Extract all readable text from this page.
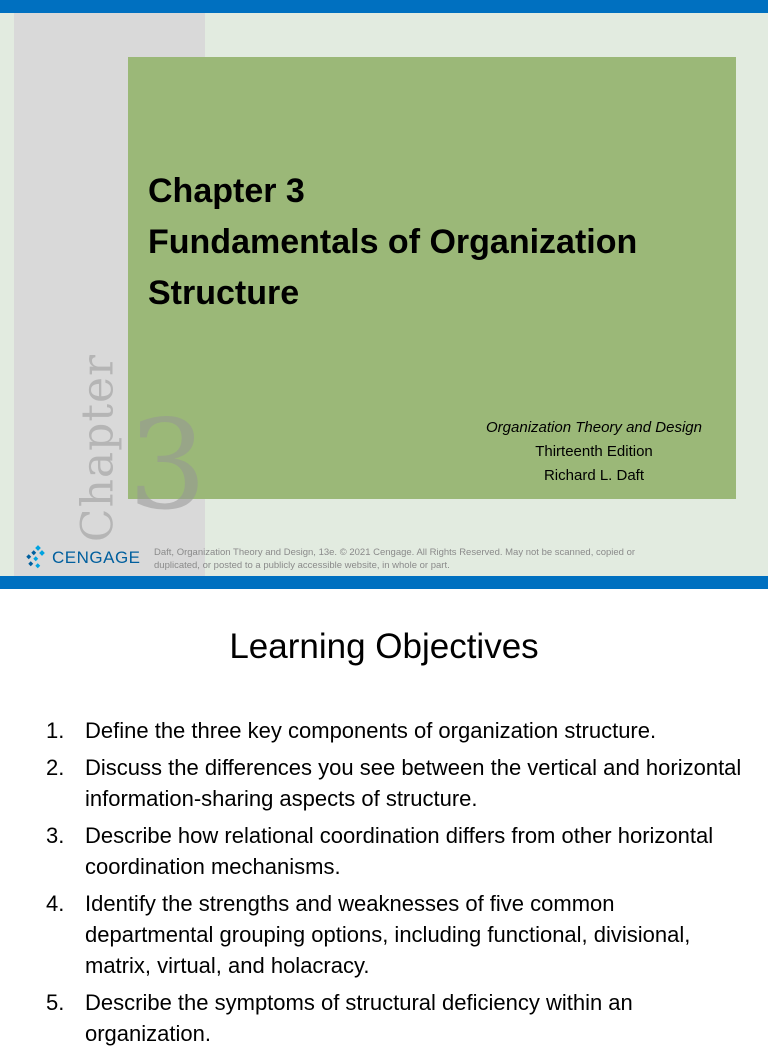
Chapter 3
Chapter 3
Fundamentals of Organization
Structure
Organization Theory and Design
Thirteenth Edition
Richard L. Daft
CENGAGE Daft, Organization Theory and Design, 13e. © 2021 Cengage. All Rights Reserved. May not be scanned, copied or
duplicated, or posted to a publicly accessible website, in whole or part.
Learning Objectives
1. Define the three key components of organization structure.
2. Discuss the differences you see between the vertical and horizontal information-sharing aspects of structure.
3. Describe how relational coordination differs from other horizontal coordination mechanisms.
4. Identify the strengths and weaknesses of five common departmental grouping options, including functional, divisional, matrix, virtual, and holacracy.
5. Describe the symptoms of structural deficiency within an organization.
